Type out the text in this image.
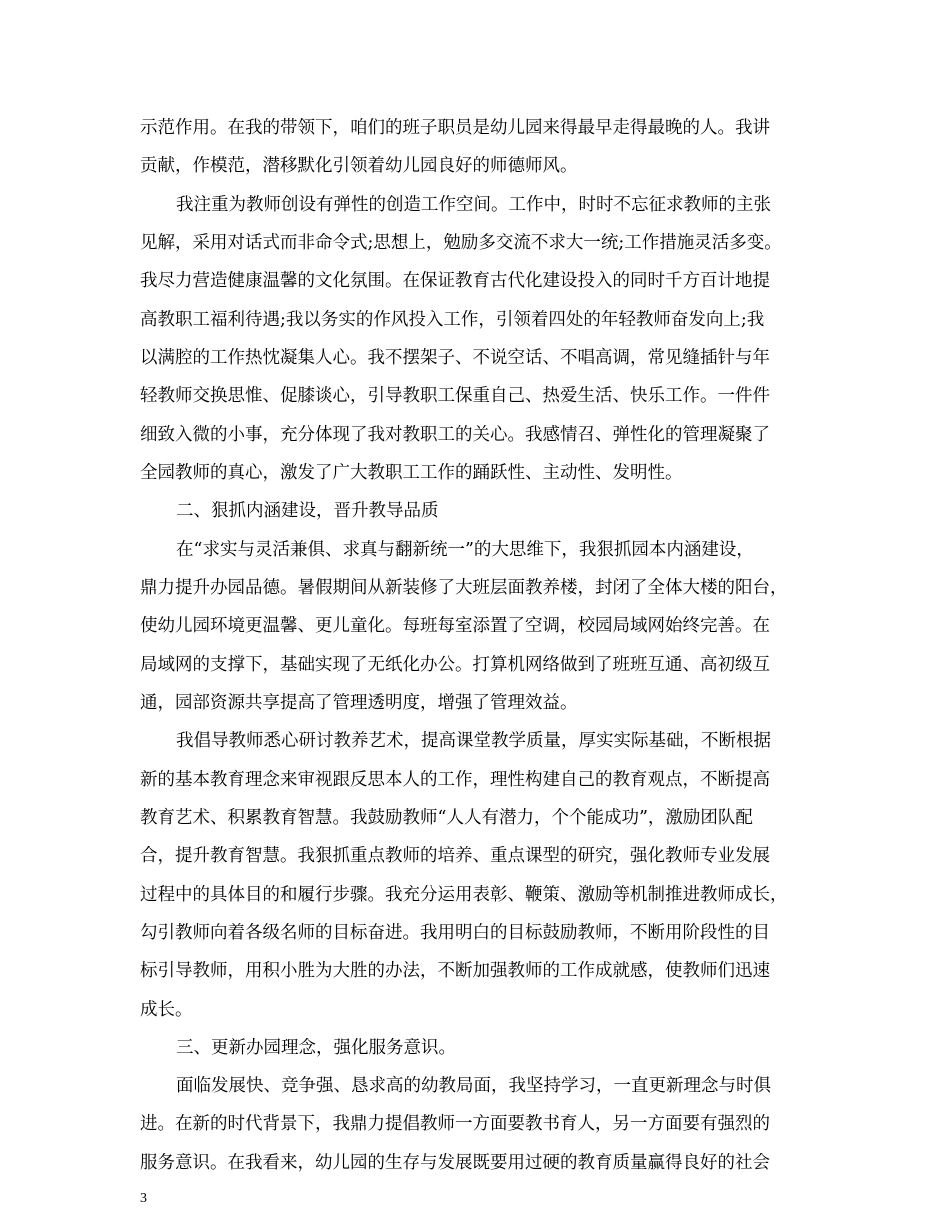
示范作用。在我的带领下，咱们的班子职员是幼儿园来得最早走得最晚的人。我讲
贡献，作模范，潜移默化引领着幼儿园良好的师德师风。
我注重为教师创设有弹性的创造工作空间。工作中，时时不忘征求教师的主张
见解，采用对话式而非命令式;思想上，勉励多交流不求大一统;工作措施灵活多变。
我尽力营造健康温馨的文化氛围。在保证教育古代化建设投入的同时千方百计地提
高教职工福利待遇;我以务实的作风投入工作，引领着四处的年轻教师奋发向上;我
以满腔的工作热忱凝集人心。我不摆架子、不说空话、不唱高调，常见缝插针与年
轻教师交换思惟、促膝谈心，引导教职工保重自己、热爱生活、快乐工作。一件件
细致入微的小事，充分体现了我对教职工的关心。我感情召、弹性化的管理凝聚了
全园教师的真心，激发了广大教职工工作的踊跃性、主动性、发明性。
二、狠抓内涵建设，晋升教导品质
在“求实与灵活兼俱、求真与翻新统一”的大思维下，我狠抓园本内涵建设，
鼎力提升办园品德。暑假期间从新装修了大班层面教养楼，封闭了全体大楼的阳台，
使幼儿园环境更温馨、更儿童化。每班每室添置了空调，校园局域网始终完善。在
局域网的支撑下，基础实现了无纸化办公。打算机网络做到了班班互通、高初级互
通，园部资源共享提高了管理透明度，增强了管理效益。
我倡导教师悉心研讨教养艺术，提高课堂教学质量，厚实实际基础，不断根据
新的基本教育理念来审视跟反思本人的工作，理性构建自己的教育观点，不断提高
教育艺术、积累教育智慧。我鼓励教师“人人有潜力，个个能成功”，激励团队配
合，提升教育智慧。我狠抓重点教师的培养、重点课型的研究，强化教师专业发展
过程中的具体目的和履行步骤。我充分运用表彰、鞭策、激励等机制推进教师成长，
勾引教师向着各级名师的目标奋进。我用明白的目标鼓励教师，不断用阶段性的目
标引导教师，用积小胜为大胜的办法，不断加强教师的工作成就感，使教师们迅速
成长。
三、更新办园理念，强化服务意识。
面临发展快、竞争强、恳求高的幼教局面，我坚持学习，一直更新理念与时俱
进。在新的时代背景下，我鼎力提倡教师一方面要教书育人，另一方面要有强烈的
服务意识。在我看来，幼儿园的生存与发展既要用过硬的教育质量赢得良好的社会
3
